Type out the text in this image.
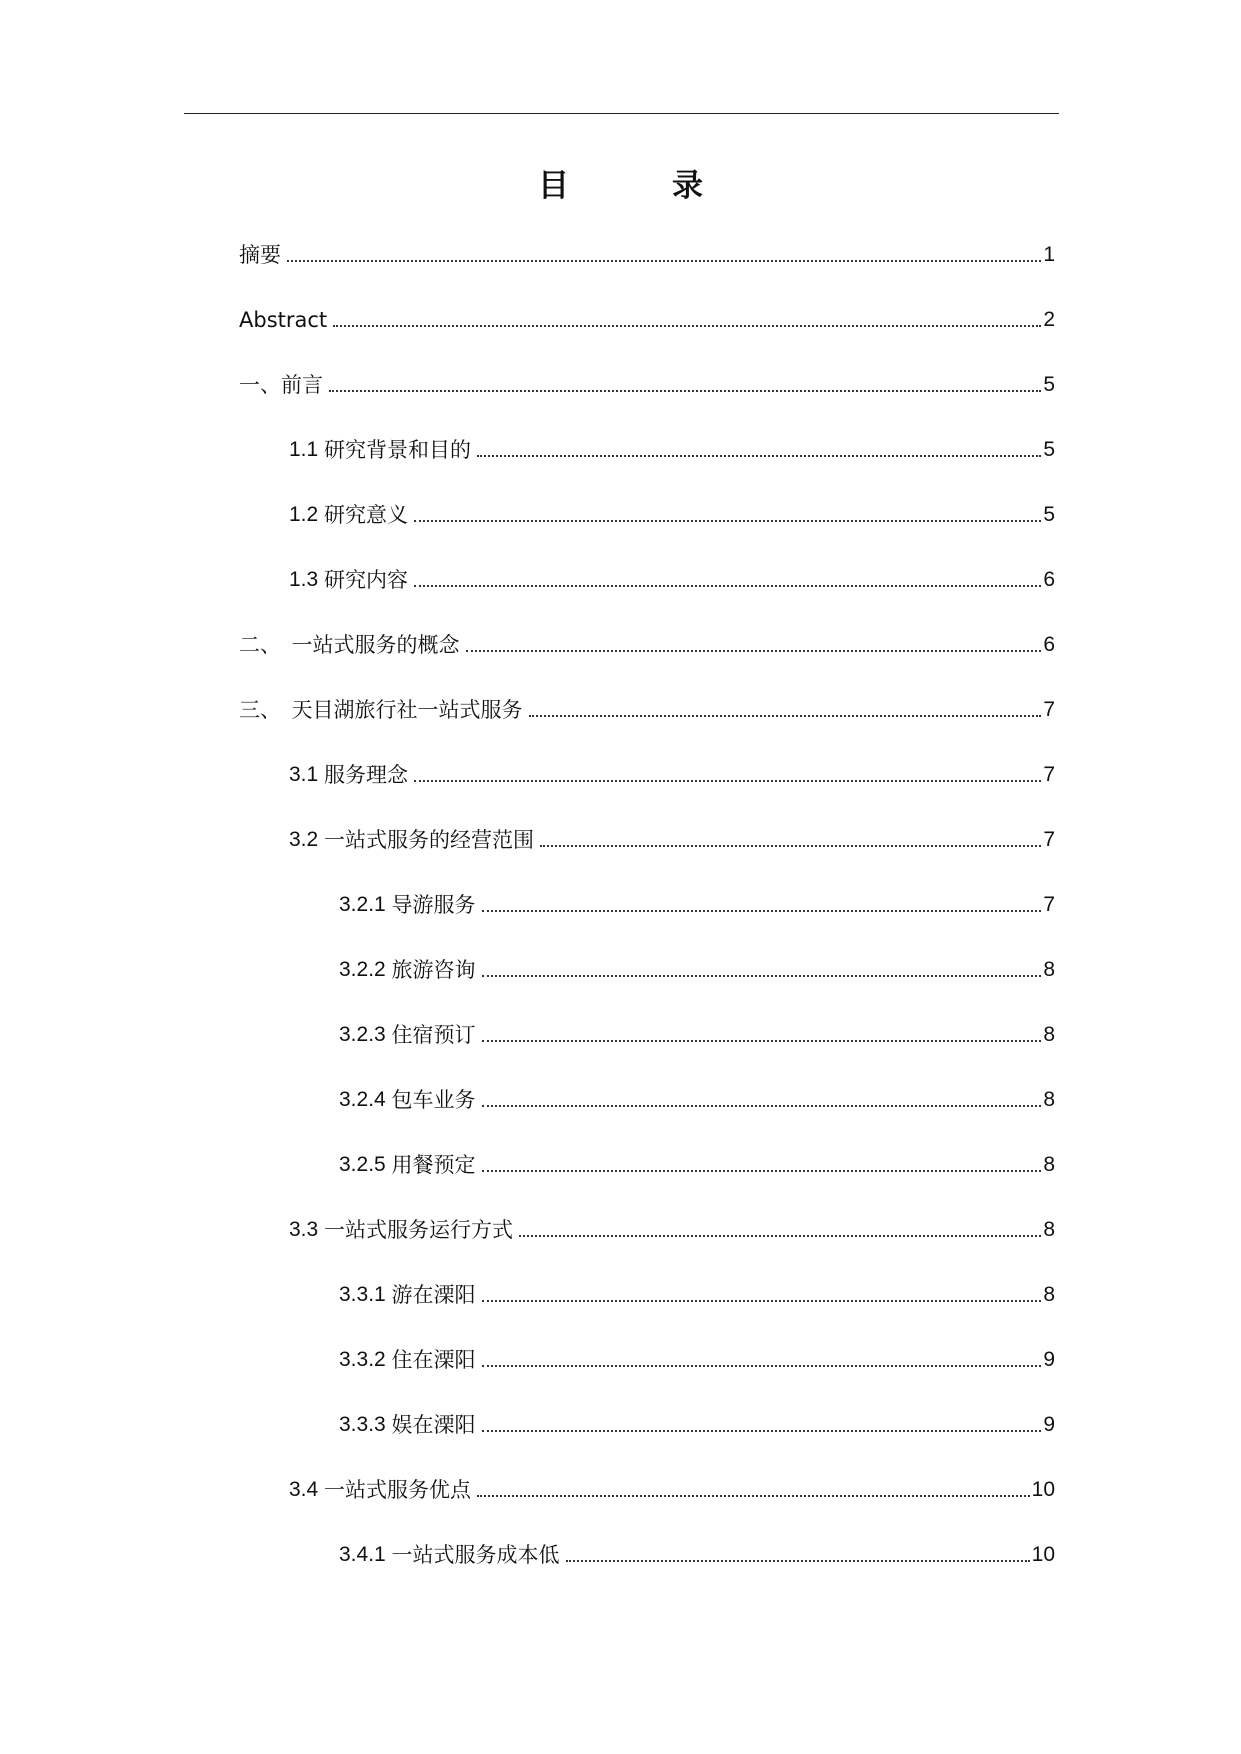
目　录
摘要	1
Abstract	2
一、前言	5
1.1 研究背景和目的	5
1.2 研究意义	5
1.3 研究内容	6
二、　一站式服务的概念	6
三、　天目湖旅行社一站式服务	7
3.1 服务理念	7
3.2 一站式服务的经营范围	7
3.2.1 导游服务	7
3.2.2 旅游咨询	8
3.2.3 住宿预订	8
3.2.4 包车业务	8
3.2.5 用餐预定	8
3.3 一站式服务运行方式	8
3.3.1 游在溧阳	8
3.3.2 住在溧阳	9
3.3.3 娱在溧阳	9
3.4 一站式服务优点	10
3.4.1 一站式服务成本低	10
